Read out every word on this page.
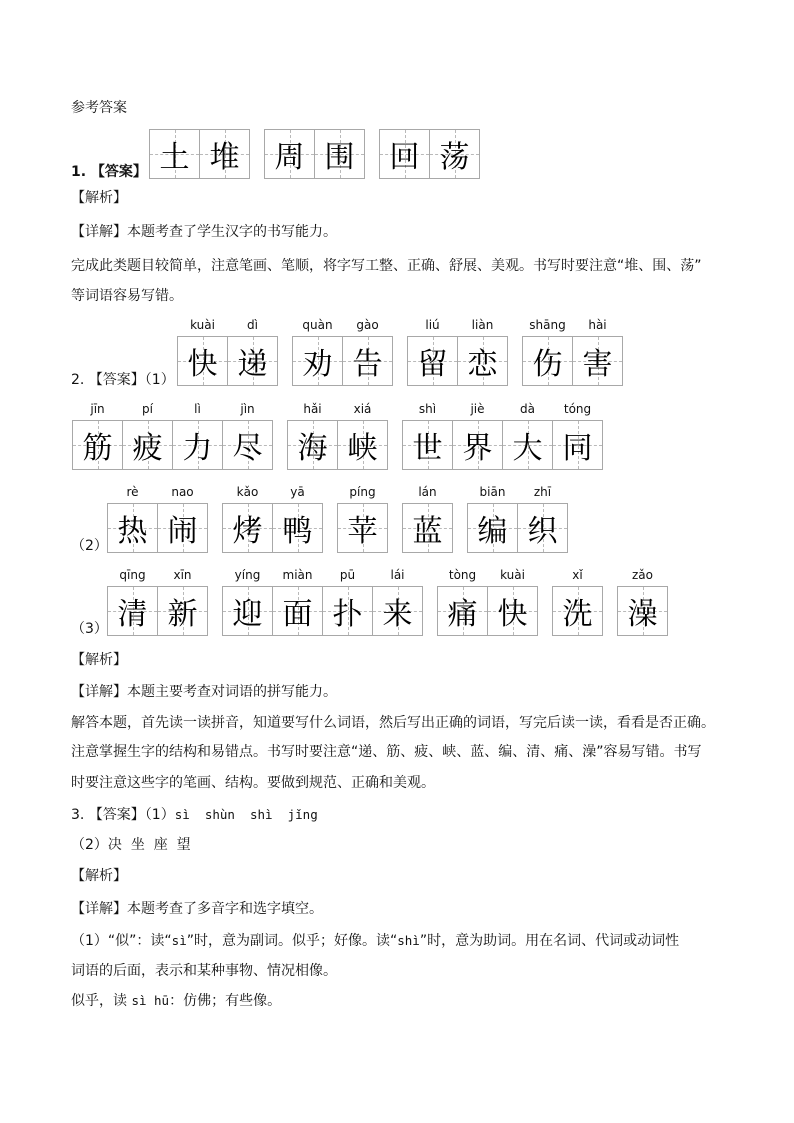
参考答案
1. 【答案】 土 堆	周 围	回 荡
【解析】
【详解】本题考查了学生汉字的书写能力。
完成此类题目较简单，注意笔画、笔顺，将字写工整、正确、舒展、美观。书写时要注意“堆、围、荡”
等词语容易写错。
2. 【答案】（1）
kuài
快
dì
递
quàn
劝
gào
告
liú
留
liàn
恋
shāng
伤
hài
害
jīn
筋
pí
疲
lì
力
jìn
尽
hǎi
海
xiá
峡
shì
世
jiè
界
dà
大
tóng
同
（2）
rè
热
nao
闹
kǎo
烤
yā
鸭
píng
苹
lán
蓝
biān
编
zhī
织
（3）
qīng
清
xīn
新
yíng
迎
miàn
面
pū
扑
lái
来
tòng
痛
kuài
快
xǐ
洗
zǎo
澡
【解析】
【详解】本题主要考查对词语的拼写能力。
解答本题，首先读一读拼音，知道要写什么词语，然后写出正确的词语，写完后读一读，看看是否正确。
注意掌握生字的结构和易错点。书写时要注意“递、筋、疲、峡、蓝、编、清、痛、澡”容易写错。书写
时要注意这些字的笔画、结构。要做到规范、正确和美观。
3. 【答案】（1）sì  shùn  shì  jǐng
（2）决  坐  座  望
【解析】
【详解】本题考查了多音字和选字填空。
（1）“似”：读“sì”时，意为副词。似乎；好像。读“shì”时，意为助词。用在名词、代词或动词性
词语的后面，表示和某种事物、情况相像。
似乎，读 sì hū：仿佛；有些像。
